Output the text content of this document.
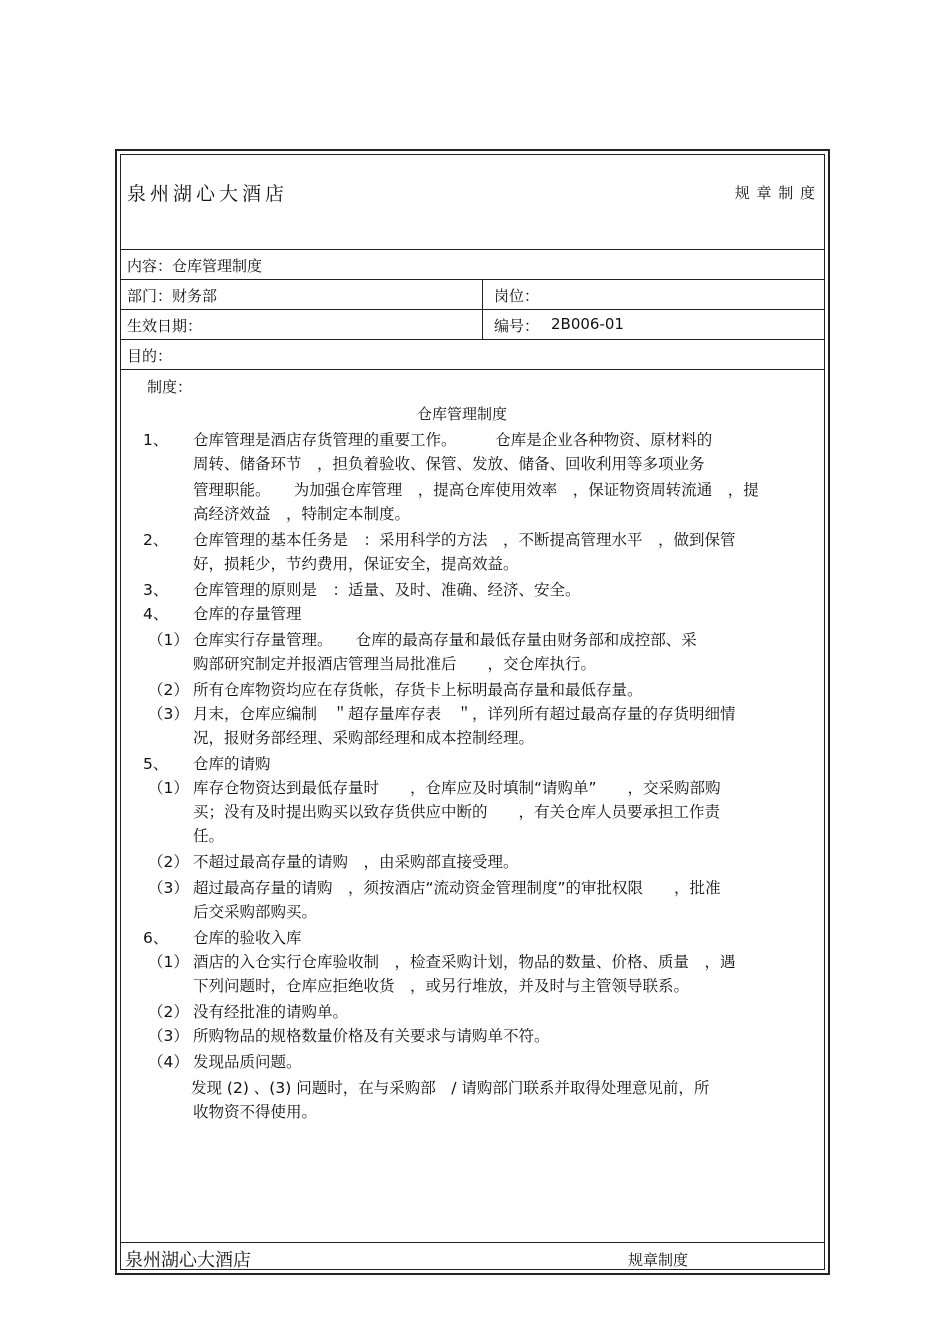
泉州湖心大酒店	规 章 制 度
内容：仓库管理制度
部门：财务部	岗位：
生效日期：	编号： 2B006-01
目的：
制度：
仓库管理制度
1、 仓库管理是酒店存货管理的重要工作。　　　仓库是企业各种物资、原材料的
周转、储备环节　，担负着验收、保管、发放、储备、回收利用等多项业务
管理职能。　　为加强仓库管理　，提高仓库使用效率　，保证物资周转流通　，提
高经济效益　，特制定本制度。
2、 仓库管理的基本任务是　：采用科学的方法　，不断提高管理水平　，做到保管
好，损耗少，节约费用，保证安全，提高效益。
3、 仓库管理的原则是　：适量、及时、准确、经济、安全。
4、 仓库的存量管理
（1） 仓库实行存量管理。　　仓库的最高存量和最低存量由财务部和成控部、采
购部研究制定并报酒店管理当局批准后　　，交仓库执行。
（2） 所有仓库物资均应在存货帐，存货卡上标明最高存量和最低存量。
（3） 月末，仓库应编制　＂超存量库存表　＂，详列所有超过最高存量的存货明细情
况，报财务部经理、采购部经理和成本控制经理。
5、 仓库的请购
（1） 库存仓物资达到最低存量时　　，仓库应及时填制“请购单”　　，交采购部购
买；没有及时提出购买以致存货供应中断的　　，有关仓库人员要承担工作责
任。
（2） 不超过最高存量的请购　，由采购部直接受理。
（3） 超过最高存量的请购　，须按酒店“流动资金管理制度”的审批权限　　，批准
后交采购部购买。
6、 仓库的验收入库
（1） 酒店的入仓实行仓库验收制　，检查采购计划，物品的数量、价格、质量　，遇
下列问题时，仓库应拒绝收货　，或另行堆放，并及时与主管领导联系。
（2） 没有经批准的请购单。
（3） 所购物品的规格数量价格及有关要求与请购单不符。
（4） 发现品质问题。
发现 (2) 、(3) 问题时，在与采购部　/ 请购部门联系并取得处理意见前，所
收物资不得使用。
泉州湖心大酒店	规章制度
